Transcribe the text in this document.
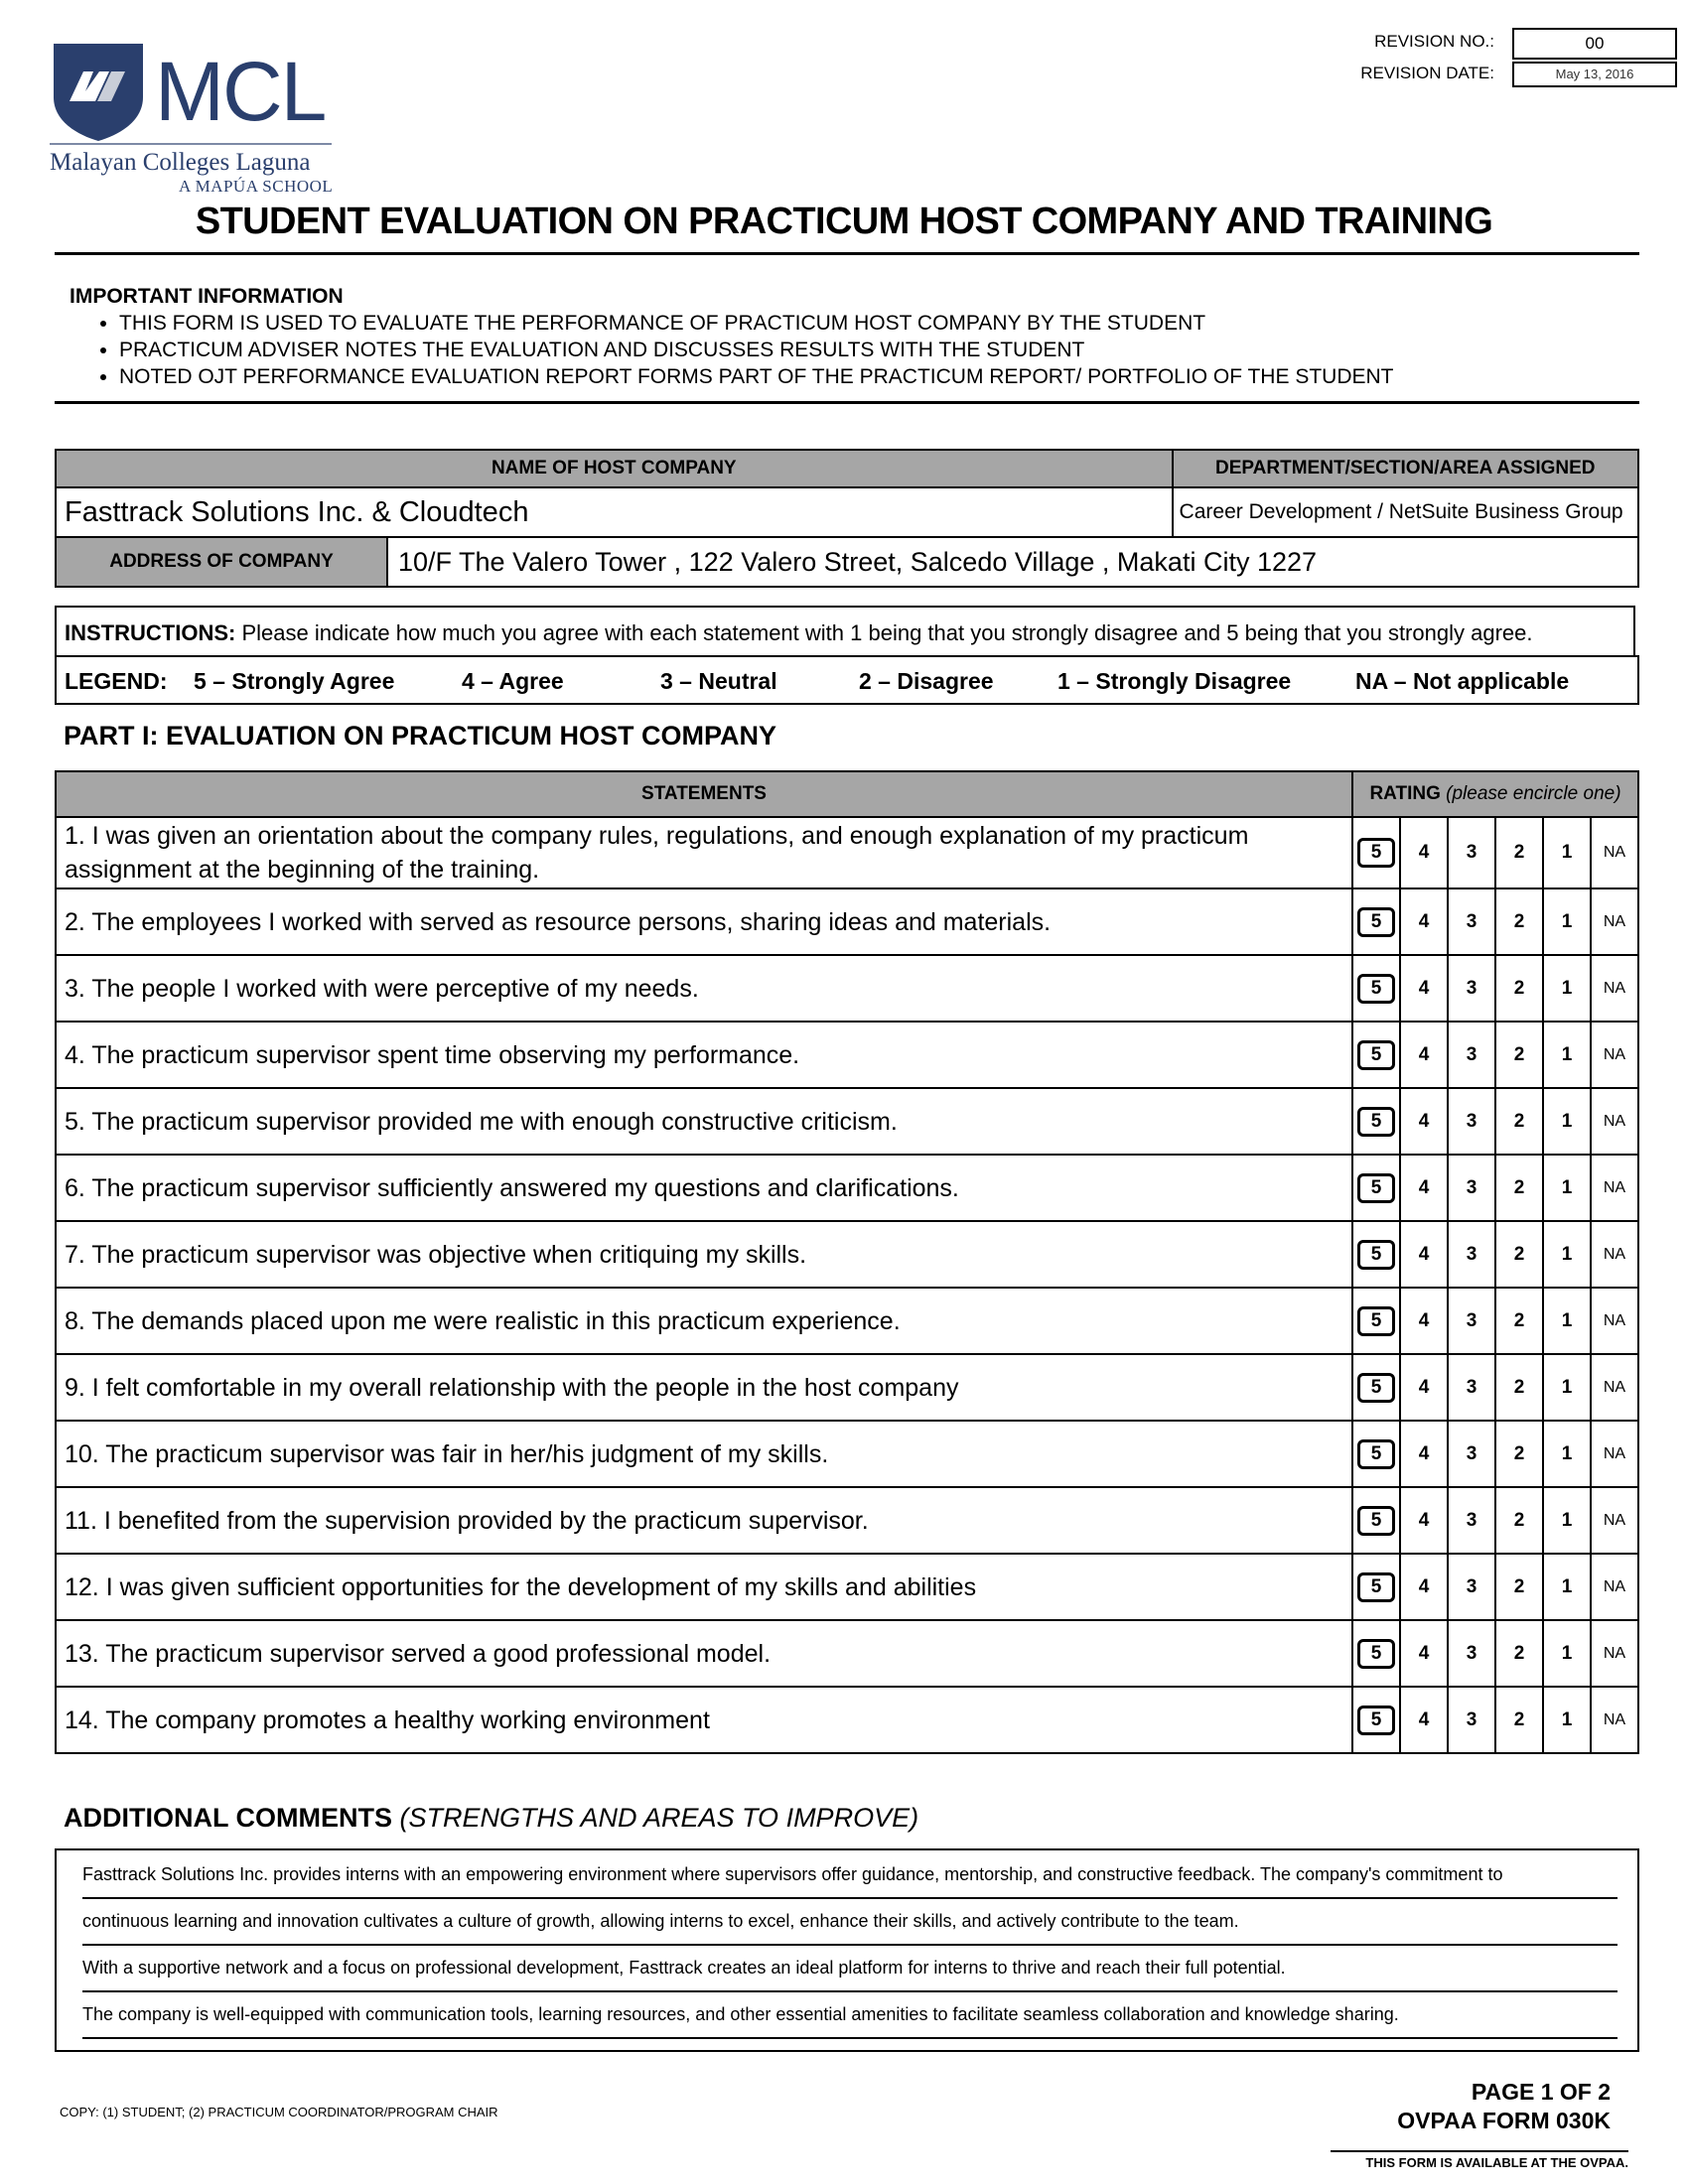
MCL
Malayan Colleges Laguna
A MAPÚA SCHOOL
REVISION NO.:	00
REVISION DATE:	May 13, 2016
STUDENT EVALUATION ON PRACTICUM HOST COMPANY AND TRAINING
IMPORTANT INFORMATION
• THIS FORM IS USED TO EVALUATE THE PERFORMANCE OF PRACTICUM HOST COMPANY BY THE STUDENT
• PRACTICUM ADVISER NOTES THE EVALUATION AND DISCUSSES RESULTS WITH THE STUDENT
• NOTED OJT PERFORMANCE EVALUATION REPORT FORMS PART OF THE PRACTICUM REPORT/ PORTFOLIO OF THE STUDENT
NAME OF HOST COMPANY		DEPARTMENT/SECTION/AREA ASSIGNED
Fasttrack Solutions Inc. & Cloudtech		Career Development / NetSuite Business Group
ADDRESS OF COMPANY	10/F The Valero Tower , 122 Valero Street, Salcedo Village , Makati City 1227	
INSTRUCTIONS: Please indicate how much you agree with each statement with 1 being that you strongly disagree and 5 being that you strongly agree.
LEGEND: 5 – Strongly Agree	4 – Agree	3 – Neutral	2 – Disagree	1 – Strongly Disagree	NA – Not applicable
PART I: EVALUATION ON PRACTICUM HOST COMPANY
STATEMENTS	RATING (please encircle one)					
1. I was given an orientation about the company rules, regulations, and enough explanation of my practicum assignment at the beginning of the training.	5	4	3	2	1	NA
2. The employees I worked with served as resource persons, sharing ideas and materials.	5	4	3	2	1	NA
3. The people I worked with were perceptive of my needs.	5	4	3	2	1	NA
4. The practicum supervisor spent time observing my performance.	5	4	3	2	1	NA
5. The practicum supervisor provided me with enough constructive criticism.	5	4	3	2	1	NA
6. The practicum supervisor sufficiently answered my questions and clarifications.	5	4	3	2	1	NA
7. The practicum supervisor was objective when critiquing my skills.	5	4	3	2	1	NA
8. The demands placed upon me were realistic in this practicum experience.	5	4	3	2	1	NA
9. I felt comfortable in my overall relationship with the people in the host company	5	4	3	2	1	NA
10. The practicum supervisor was fair in her/his judgment of my skills.	5	4	3	2	1	NA
11. I benefited from the supervision provided by the practicum supervisor.	5	4	3	2	1	NA
12. I was given sufficient opportunities for the development of my skills and abilities	5	4	3	2	1	NA
13. The practicum supervisor served a good professional model.	5	4	3	2	1	NA
14. The company promotes a healthy working environment	5	4	3	2	1	NA
ADDITIONAL COMMENTS (STRENGTHS AND AREAS TO IMPROVE)
Fasttrack Solutions Inc. provides interns with an empowering environment where supervisors offer guidance, mentorship, and constructive feedback. The company's commitment to
continuous learning and innovation cultivates a culture of growth, allowing interns to excel, enhance their skills, and actively contribute to the team.
With a supportive network and a focus on professional development, Fasttrack creates an ideal platform for interns to thrive and reach their full potential.
The company is well-equipped with communication tools, learning resources, and other essential amenities to facilitate seamless collaboration and knowledge sharing.
COPY: (1) STUDENT; (2) PRACTICUM COORDINATOR/PROGRAM CHAIR
PAGE 1 OF 2
OVPAA FORM 030K
THIS FORM IS AVAILABLE AT THE OVPAA.
